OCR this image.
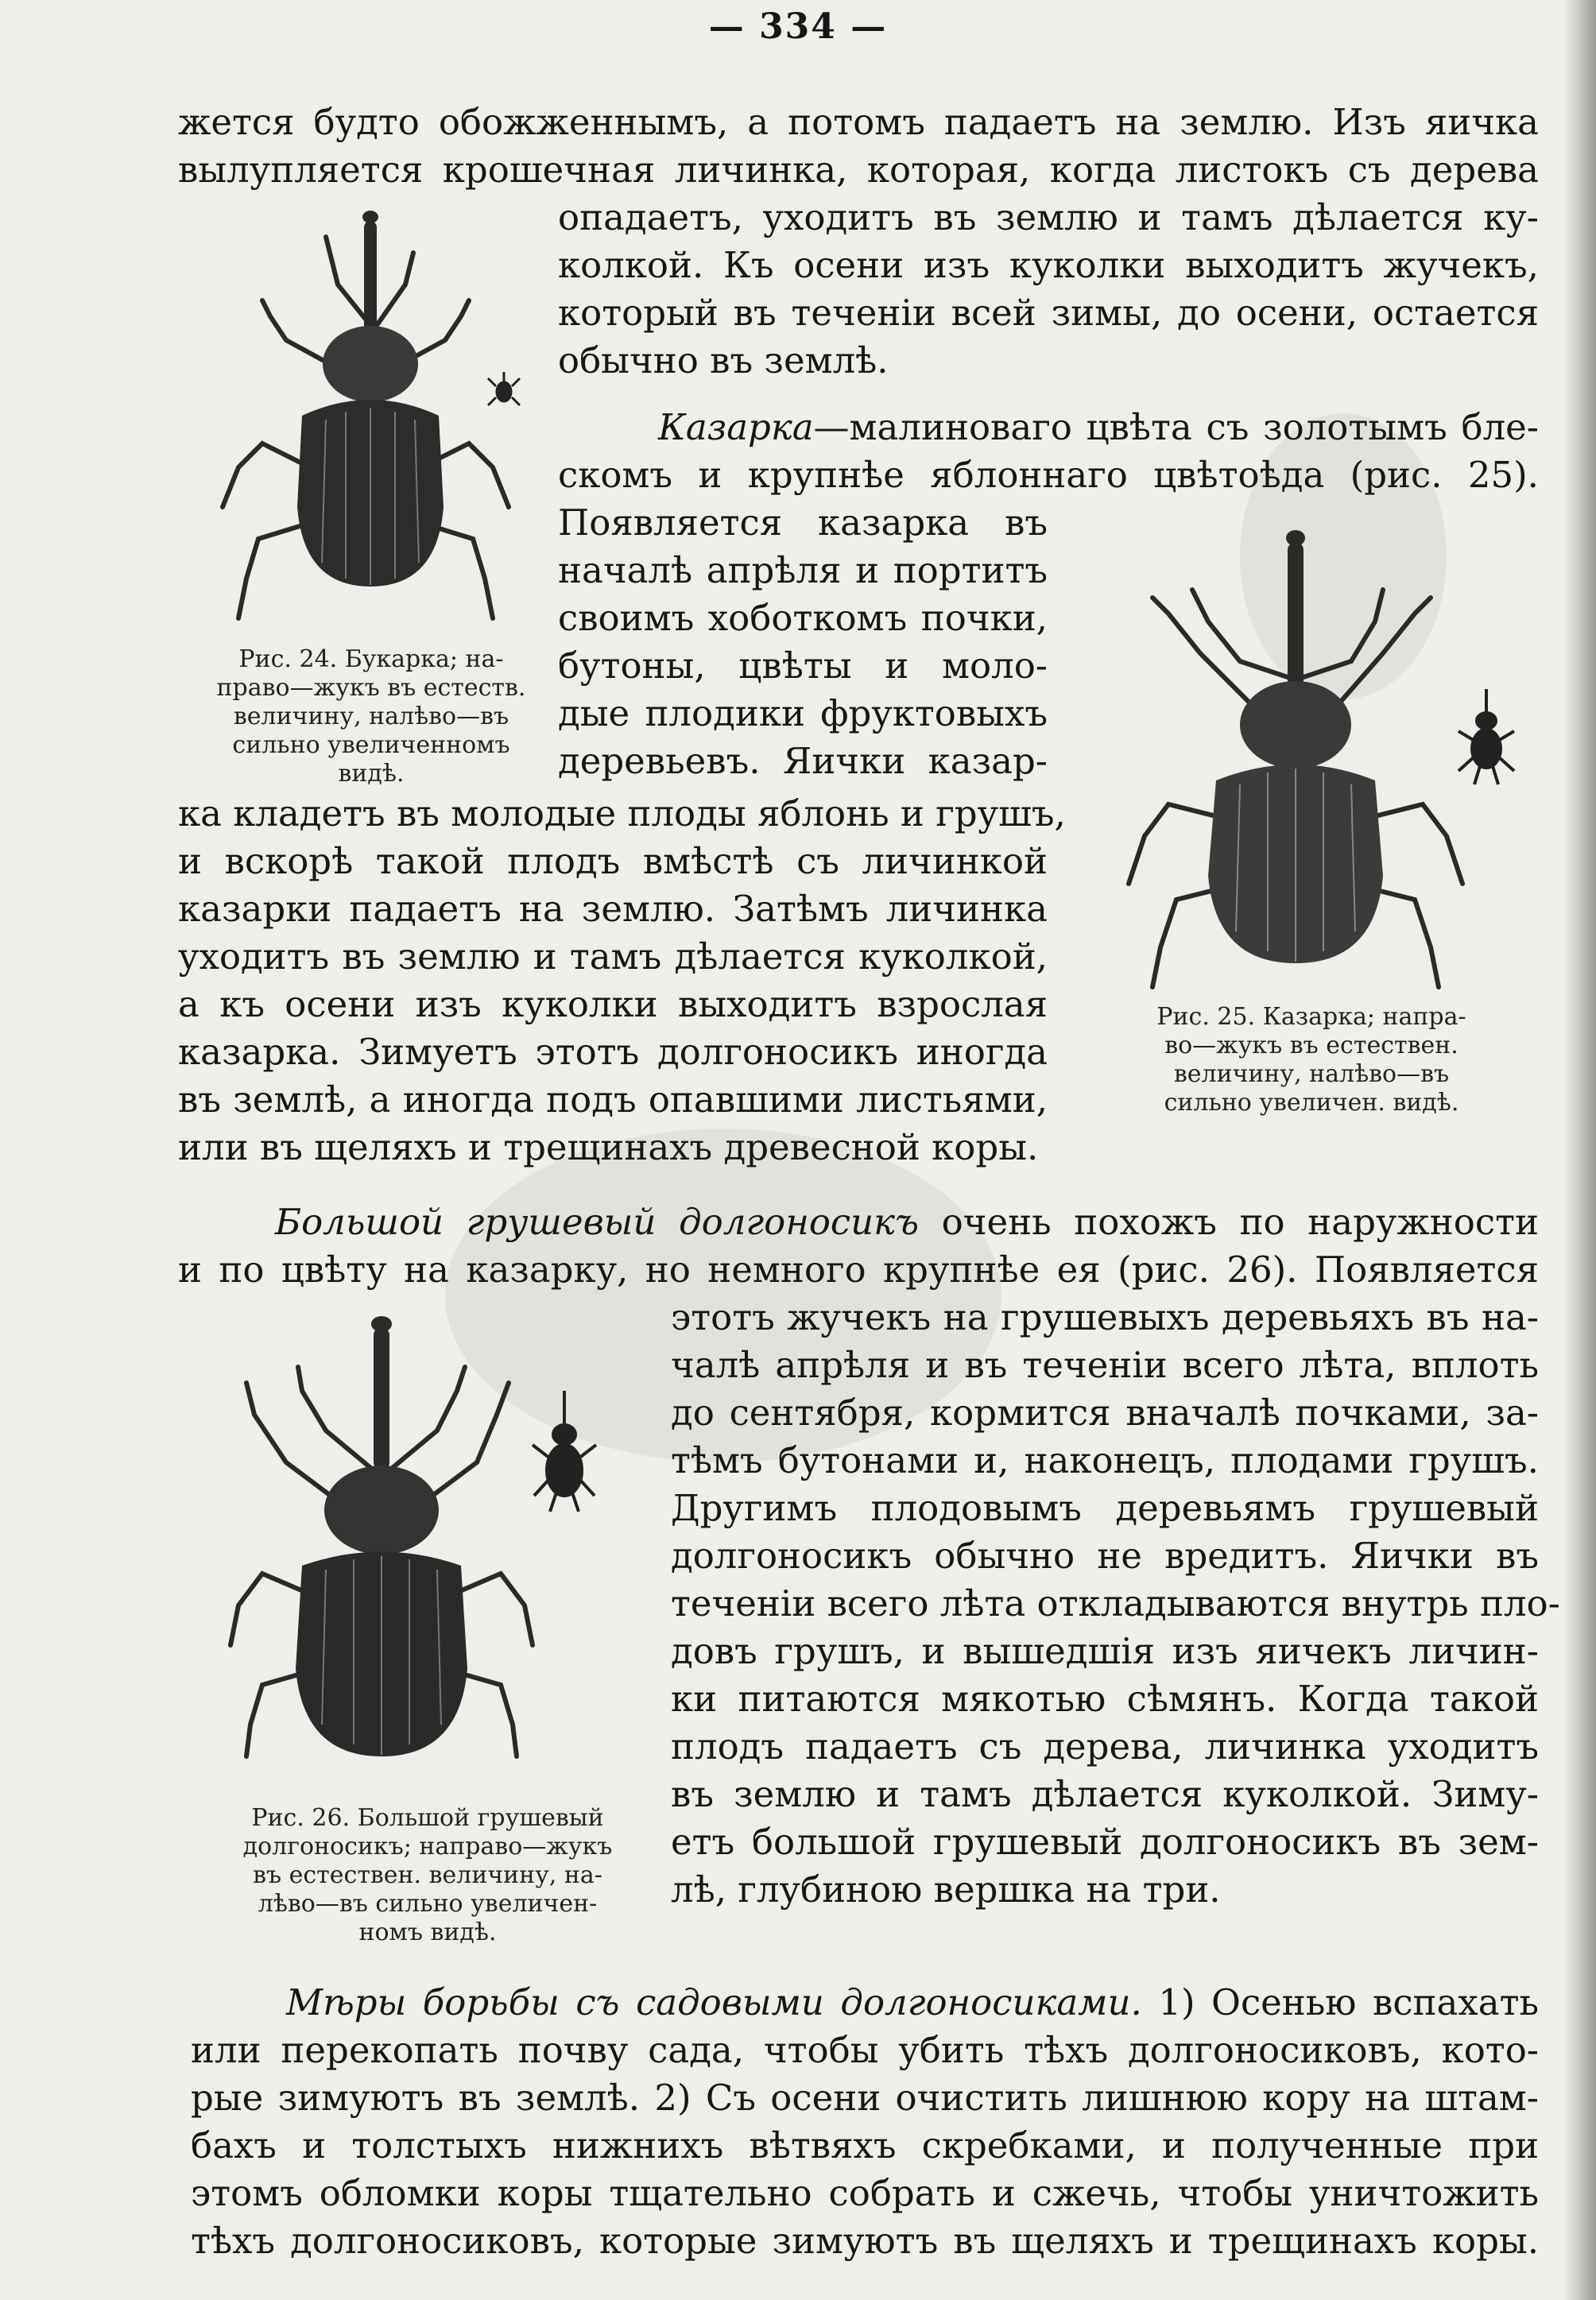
— 334 —
жется будто обожженнымъ, а потомъ падаетъ на землю. Изъ яичка
вылупляется крошечная личинка, которая, когда листокъ съ дерева
опадаетъ, уходитъ въ землю и тамъ дѣлается ку-
колкой. Къ осени изъ куколки выходитъ жучекъ,
который въ теченіи всей зимы, до осени, остается
обычно въ землѣ.
Рис. 24. Букарка; на-
право—жукъ въ естеств.
величину, налѣво—въ
сильно увеличенномъ
видѣ.
Казарка—малиноваго цвѣта съ золотымъ бле-
скомъ и крупнѣе яблоннаго цвѣтоѣда (рис. 25).
Появляется казарка въ
началѣ апрѣля и портитъ
своимъ хоботкомъ почки,
бутоны, цвѣты и моло-
дые плодики фруктовыхъ
деревьевъ. Яички казар-
ка кладетъ въ молодые плоды яблонь и грушъ,
и вскорѣ такой плодъ вмѣстѣ съ личинкой
казарки падаетъ на землю. Затѣмъ личинка
уходитъ въ землю и тамъ дѣлается куколкой,
а къ осени изъ куколки выходитъ взрослая
казарка. Зимуетъ этотъ долгоносикъ иногда
въ землѣ, а иногда подъ опавшими листьями,
или въ щеляхъ и трещинахъ древесной коры.
Рис. 25. Казарка; напра-
во—жукъ въ естествен.
величину, налѣво—въ
сильно увеличен. видѣ.
Большой грушевый долгоносикъ очень похожъ по наружности
и по цвѣту на казарку, но немного крупнѣе ея (рис. 26). Появляется
этотъ жучекъ на грушевыхъ деревьяхъ въ на-
чалѣ апрѣля и въ теченіи всего лѣта, вплоть
до сентября, кормится вначалѣ почками, за-
тѣмъ бутонами и, наконецъ, плодами грушъ.
Другимъ плодовымъ деревьямъ грушевый
долгоносикъ обычно не вредитъ. Яички въ
теченіи всего лѣта откладываются внутрь пло-
довъ грушъ, и вышедшія изъ яичекъ личин-
ки питаются мякотью сѣмянъ. Когда такой
плодъ падаетъ съ дерева, личинка уходитъ
въ землю и тамъ дѣлается куколкой. Зиму-
етъ большой грушевый долгоносикъ въ зем-
лѣ, глубиною вершка на три.
Рис. 26. Большой грушевый
долгоносикъ; направо—жукъ
въ естествен. величину, на-
лѣво—въ сильно увеличен-
номъ видѣ.
Мѣры борьбы съ садовыми долгоносиками. 1) Осенью вспахать
или перекопать почву сада, чтобы убить тѣхъ долгоносиковъ, кото-
рые зимуютъ въ землѣ. 2) Съ осени очистить лишнюю кору на штам-
бахъ и толстыхъ нижнихъ вѣтвяхъ скребками, и полученные при
этомъ обломки коры тщательно собрать и сжечь, чтобы уничтожить
тѣхъ долгоносиковъ, которые зимуютъ въ щеляхъ и трещинахъ коры.
